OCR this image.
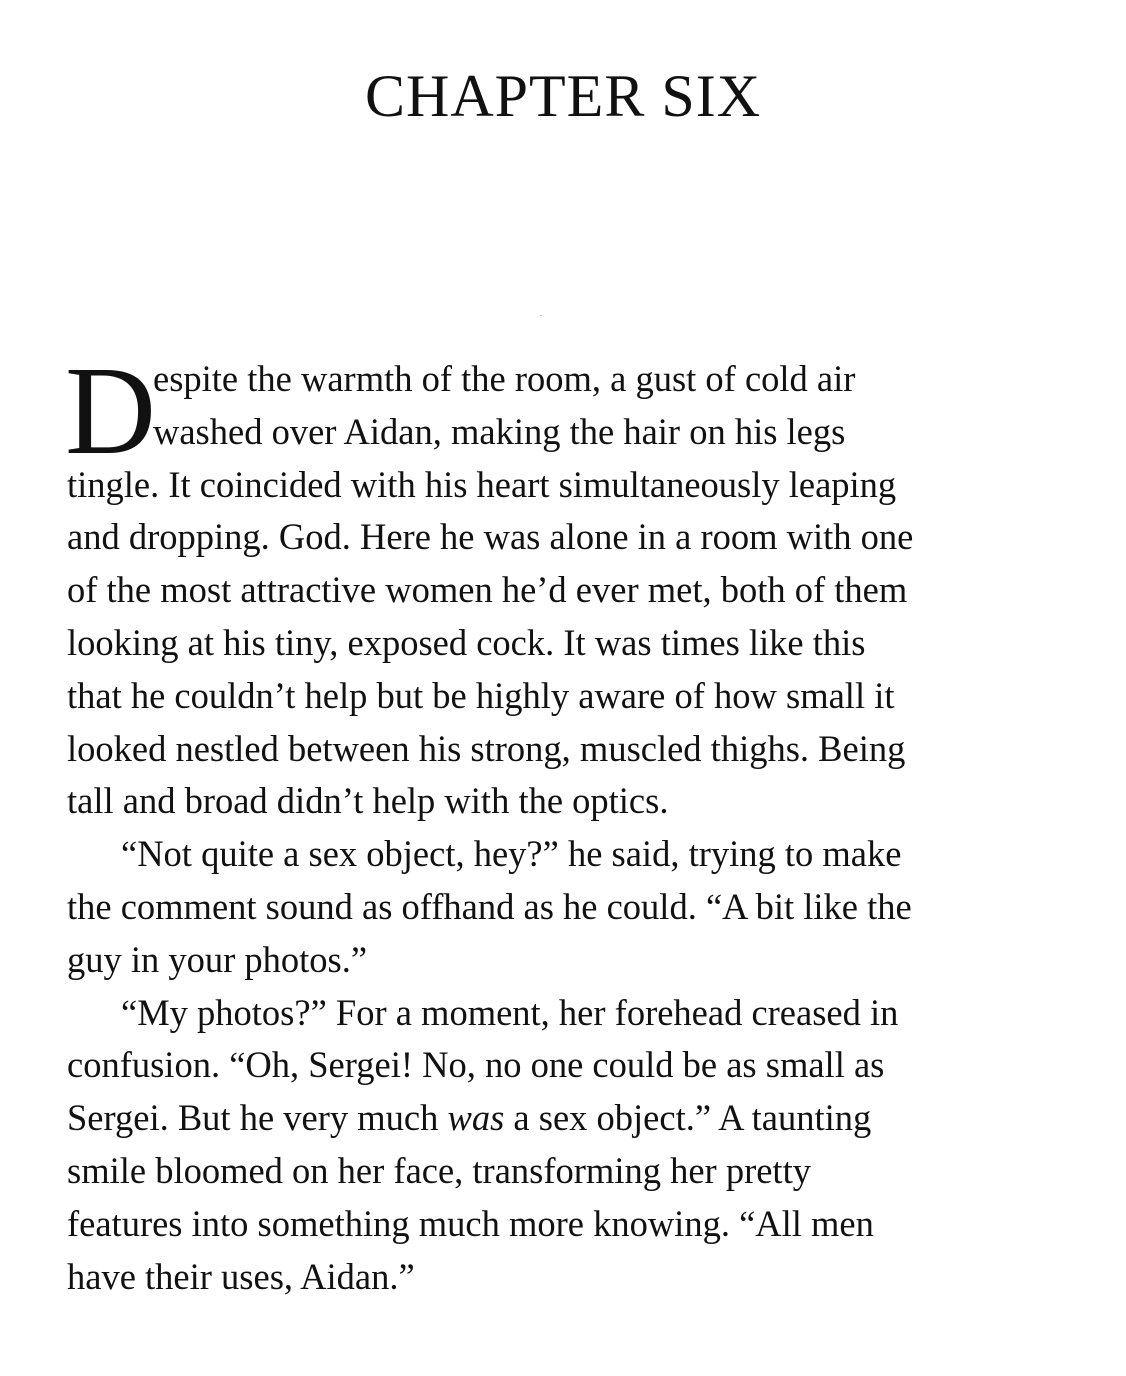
CHAPTER SIX
D
espite the warmth of the room, a gust of cold air
washed over Aidan, making the hair on his legs
tingle. It coincided with his heart simultaneously leaping
and dropping. God. Here he was alone in a room with one
of the most attractive women he’d ever met, both of them
looking at his tiny, exposed cock. It was times like this
that he couldn’t help but be highly aware of how small it
looked nestled between his strong, muscled thighs. Being
tall and broad didn’t help with the optics.
“Not quite a sex object, hey?” he said, trying to make
the comment sound as offhand as he could. “A bit like the
guy in your photos.”
“My photos?” For a moment, her forehead creased in
confusion. “Oh, Sergei! No, no one could be as small as
Sergei. But he very much was a sex object.” A taunting
smile bloomed on her face, transforming her pretty
features into something much more knowing. “All men
have their uses, Aidan.”
